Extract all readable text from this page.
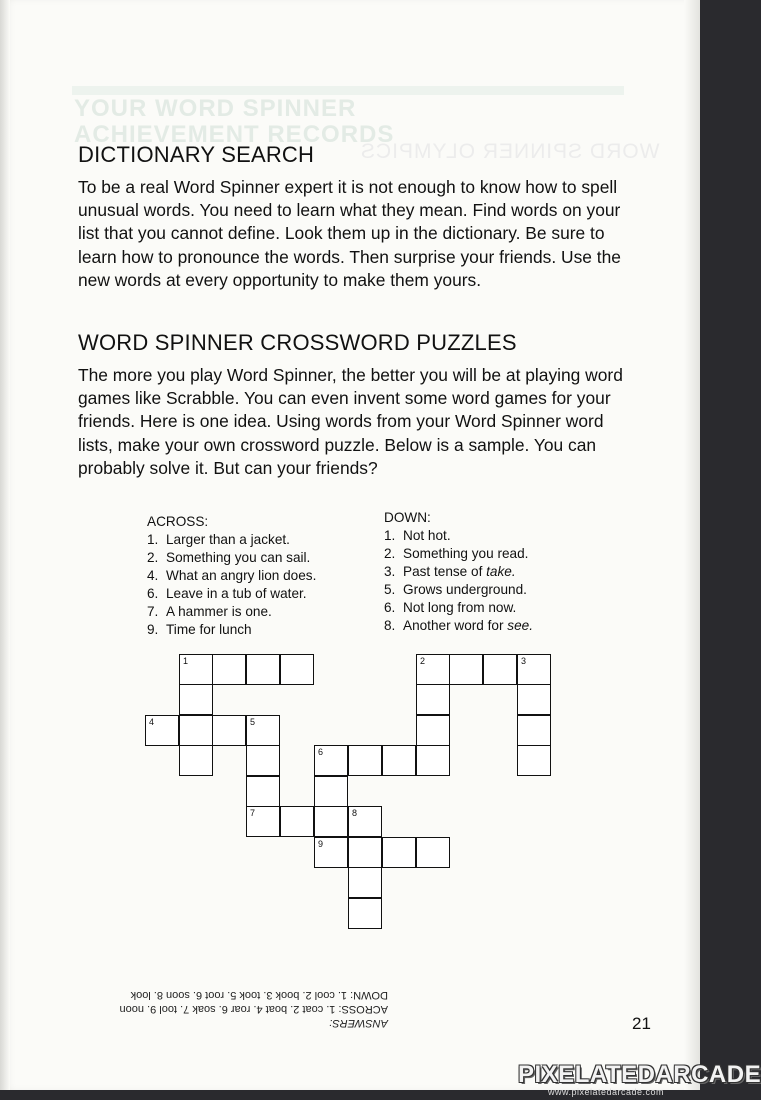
YOUR WORD SPINNER ACHIEVEMENT RECORDS
WORD SPINNER OLYMPICS
DICTIONARY SEARCH

To be a real Word Spinner expert it is not enough to know how to spell unusual words. You need to learn what they mean. Find words on your list that you cannot define. Look them up in the dictionary. Be sure to learn how to pronounce the words. Then surprise your friends. Use the new words at every opportunity to make them yours.

WORD SPINNER CROSSWORD PUZZLES

The more you play Word Spinner, the better you will be at playing word games like Scrabble. You can even invent some word games for your friends. Here is one idea. Using words from your Word Spinner word lists, make your own crossword puzzle. Below is a sample. You can probably solve it. But can your friends?

ACROSS:
1. Larger than a jacket.
2. Something you can sail.
4. What an angry lion does.
6. Leave in a tub of water.
7. A hammer is one.
9. Time for lunch
DOWN:
1. Not hot.
2. Something you read.
3. Past tense of take.
5. Grows underground.
6. Not long from now.
8. Another word for see.
1
4	5
7	8
6
9
2	3
ANSWERS:
ACROSS: 1. coat 2. boat 4. roar 6. soak 7. tool 9. noon
DOWN: 1. cool 2. book 3. took 5. root 6. soon 8. look
21
PIXELATEDARCADE
www.pixelatedarcade.com
